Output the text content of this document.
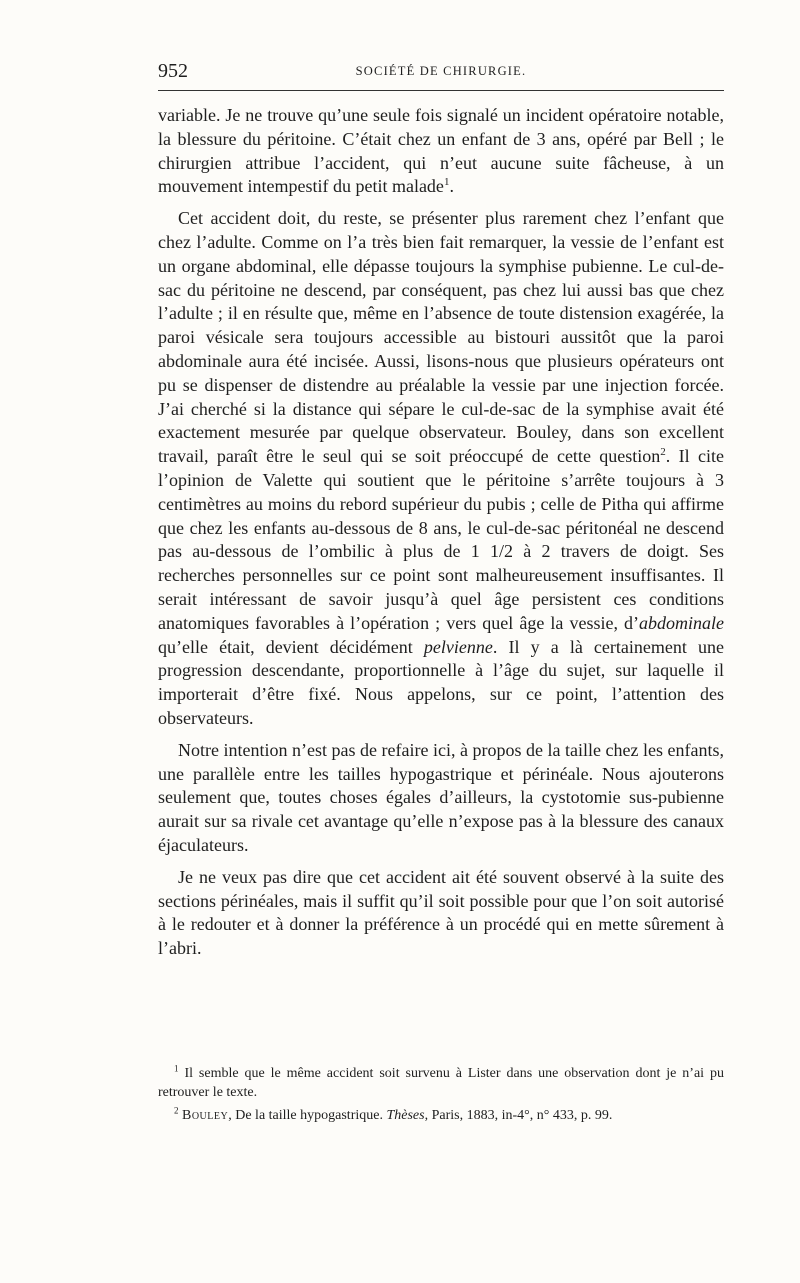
952	SOCIÉTÉ DE CHIRURGIE.

variable. Je ne trouve qu’une seule fois signalé un incident opératoire notable, la blessure du péritoine. C’était chez un enfant de 3 ans, opéré par Bell ; le chirurgien attribue l’accident, qui n’eut aucune suite fâcheuse, à un mouvement intempestif du petit malade$^1$.

Cet accident doit, du reste, se présenter plus rarement chez l’enfant que chez l’adulte. Comme on l’a très bien fait remarquer, la vessie de l’enfant est un organe abdominal, elle dépasse toujours la symphise pubienne. Le cul-de-sac du péritoine ne descend, par conséquent, pas chez lui aussi bas que chez l’adulte ; il en résulte que, même en l’absence de toute distension exagérée, la paroi vésicale sera toujours accessible au bistouri aussitôt que la paroi abdominale aura été incisée. Aussi, lisons-nous que plusieurs opérateurs ont pu se dispenser de distendre au préalable la vessie par une injection forcée. J’ai cherché si la distance qui sépare le cul-de-sac de la symphise avait été exactement mesurée par quelque observateur. Bouley, dans son excellent travail, paraît être le seul qui se soit préoccupé de cette question$^2$. Il cite l’opinion de Valette qui soutient que le péritoine s’arrête toujours à 3 centimètres au moins du rebord supérieur du pubis ; celle de Pitha qui affirme que chez les enfants au-dessous de 8 ans, le cul-de-sac péritonéal ne descend pas au-dessous de l’ombilic à plus de 1 1/2 à 2 travers de doigt. Ses recherches personnelles sur ce point sont malheureusement insuffisantes. Il serait intéressant de savoir jusqu’à quel âge persistent ces conditions anatomiques favorables à l’opération ; vers quel âge la vessie, d’abdominale qu’elle était, devient décidément pelvienne. Il y a là certainement une progression descendante, proportionnelle à l’âge du sujet, sur laquelle il importerait d’être fixé. Nous appelons, sur ce point, l’attention des observateurs.

Notre intention n’est pas de refaire ici, à propos de la taille chez les enfants, une parallèle entre les tailles hypogastrique et périnéale. Nous ajouterons seulement que, toutes choses égales d’ailleurs, la cystotomie sus-pubienne aurait sur sa rivale cet avantage qu’elle n’expose pas à la blessure des canaux éjaculateurs.

Je ne veux pas dire que cet accident ait été souvent observé à la suite des sections périnéales, mais il suffit qu’il soit possible pour que l’on soit autorisé à le redouter et à donner la préférence à un procédé qui en mette sûrement à l’abri.

$^1$ Il semble que le même accident soit survenu à Lister dans une observation dont je n’ai pu retrouver le texte.

$^2$ Bouley, De la taille hypogastrique. Thèses, Paris, 1883, in-4°, n° 433, p. 99.
